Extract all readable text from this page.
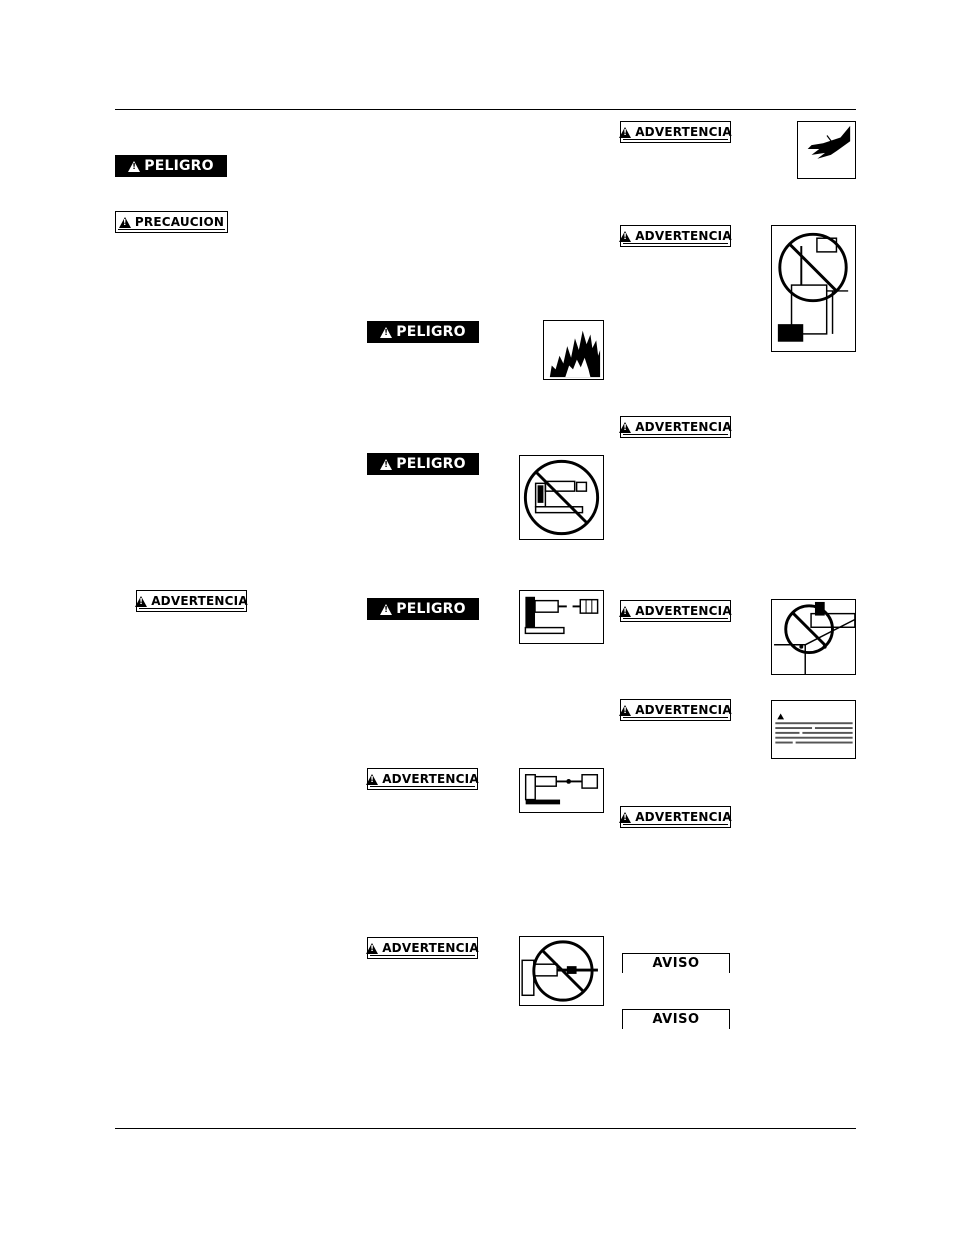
!
PELIGRO
!
PRECAUCION
!
ADVERTENCIA
!
PELIGRO
!
PELIGRO
!
PELIGRO
!
ADVERTENCIA
!
ADVERTENCIA
!
ADVERTENCIA
!
ADVERTENCIA
!
ADVERTENCIA
!
ADVERTENCIA
!
ADVERTENCIA
!
ADVERTENCIA
AVISO
AVISO
